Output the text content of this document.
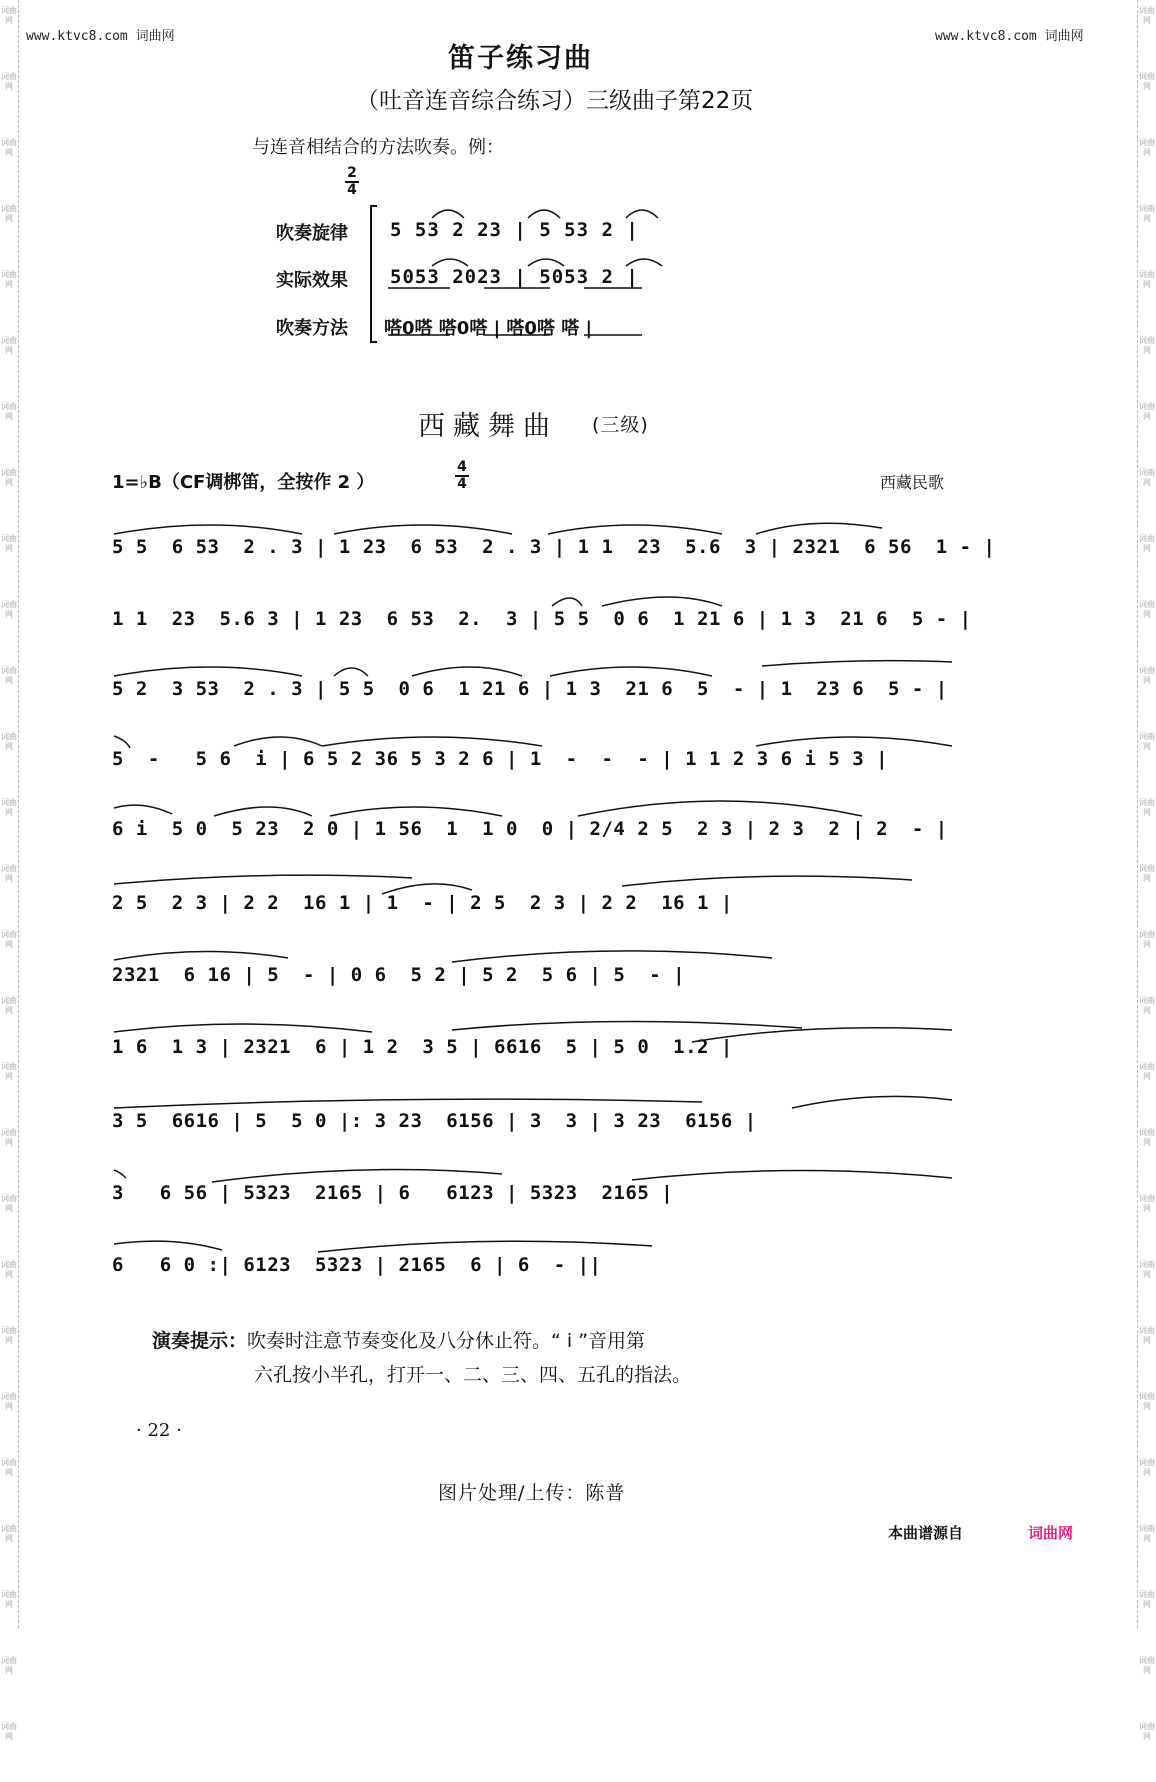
词曲网
词曲网
词曲网
词曲网
词曲网
词曲网
词曲网
词曲网
词曲网
词曲网
词曲网
词曲网
词曲网
词曲网
词曲网
词曲网
词曲网
词曲网
词曲网
词曲网
词曲网
词曲网
词曲网
词曲网
词曲网
词曲网
词曲网
词曲网
词曲网
词曲网
词曲网
词曲网
词曲网
词曲网
词曲网
词曲网
词曲网
词曲网
词曲网
词曲网
词曲网
词曲网
词曲网
词曲网
词曲网
词曲网
词曲网
词曲网
词曲网
词曲网
词曲网
词曲网
词曲网
词曲网
www.ktvc8.com 词曲网	www.ktvc8.com 词曲网
笛子练习曲
（吐音连音综合练习）三级曲子第22页
与连音相结合的方法吹奏。例：
2
4
吹奏旋律 5 53 2 23 | 5 53 2 |
实际效果 5053 2023 | 5053 2 |
吹奏方法 嗒0嗒 嗒0嗒 | 嗒0嗒 嗒 |
西藏舞曲 (三级)
1=♭B（CF调梆笛，全按作 2 ）
4
4	西藏民歌
5 5  6 53  2 . 3 | 1 23  6 53  2 . 3 | 1 1  23  5.6  3 | 2321  6 56  1 - |
1 1  23  5.6 3 | 1 23  6 53  2.  3 | 5 5  0 6  1 21 6 | 1 3  21 6  5 - |
5 2  3 53  2 . 3 | 5 5  0 6  1 21 6 | 1 3  21 6  5  - | 1  23 6  5 - |
5  -   5 6  i | 6 5 2 36 5 3 2 6 | 1  -  -  - | 1 1 2 3 6 i 5 3 |
6 i  5 0  5 23  2 0 | 1 56  1  1 0  0 | 2/4 2 5  2 3 | 2 3  2 | 2  - |
2 5  2 3 | 2 2  16 1 | 1  - | 2 5  2 3 | 2 2  16 1 |
2321  6 16 | 5  - | 0 6  5 2 | 5 2  5 6 | 5  - |
1 6  1 3 | 2321  6 | 1 2  3 5 | 6616  5 | 5 0  1.2 |
3 5  6616 | 5  5 0 |: 3 23  6156 | 3  3 | 3 23  6156 |
3   6 56 | 5323  2165 | 6   6123 | 5323  2165 |
6   6 0 :| 6123  5323 | 2165  6 | 6  - ||
演奏提示：吹奏时注意节奏变化及八分休止符。“ i ”音用第
六孔按小半孔，打开一、二、三、四、五孔的指法。
· 22 ·
图片处理/上传：陈普
本曲谱源自	词曲网
